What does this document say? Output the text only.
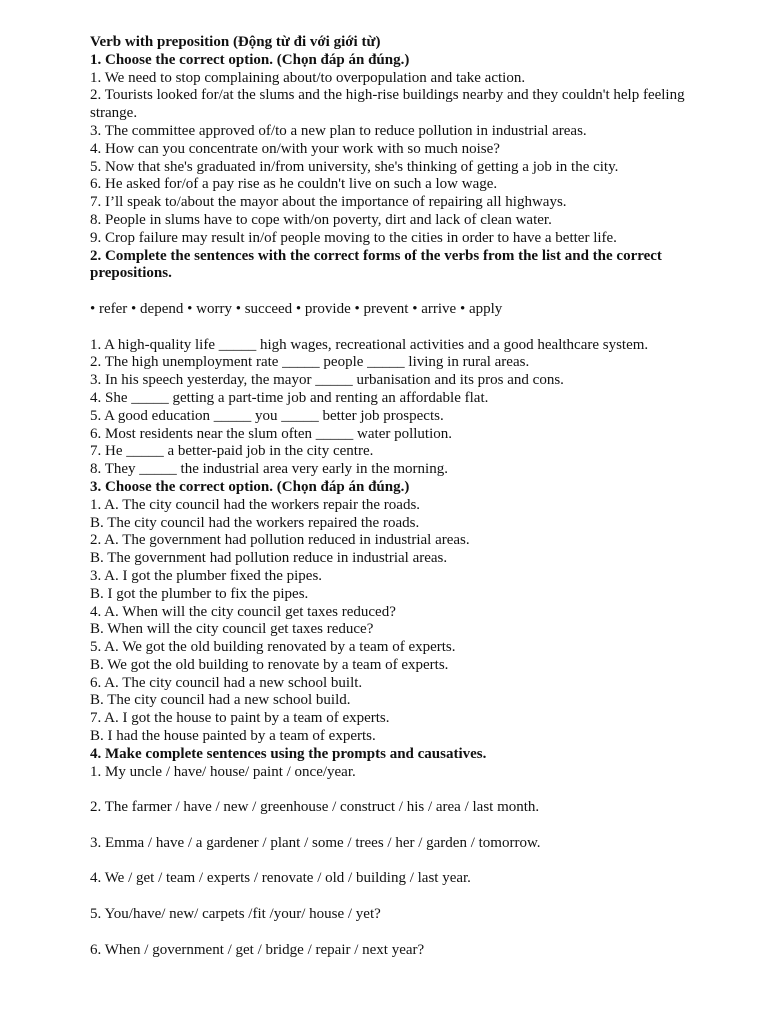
Verb with preposition (Động từ đi với giới từ)

1. Choose the correct option. (Chọn đáp án đúng.)

1. We need to stop complaining about/to overpopulation and take action.

2. Tourists looked for/at the slums and the high-rise buildings nearby and they couldn't help feeling strange.

3. The committee approved of/to a new plan to reduce pollution in industrial areas.

4. How can you concentrate on/with your work with so much noise?

5. Now that she's graduated in/from university, she's thinking of getting a job in the city.

6. He asked for/of a pay rise as he couldn't live on such a low wage.

7. I’ll speak to/about the mayor about the importance of repairing all highways.

8. People in slums have to cope with/on poverty, dirt and lack of clean water.

9. Crop failure may result in/of people moving to the cities in order to have a better life.

2. Complete the sentences with the correct forms of the verbs from the list and the correct prepositions.

• refer • depend • worry • succeed • provide • prevent • arrive • apply

1. A high-quality life _____ high wages, recreational activities and a good healthcare system.

2. The high unemployment rate _____ people _____ living in rural areas.

3. In his speech yesterday, the mayor _____ urbanisation and its pros and cons.

4. She _____ getting a part-time job and renting an affordable flat.

5. A good education _____ you _____ better job prospects.

6. Most residents near the slum often _____ water pollution.

7. He _____ a better-paid job in the city centre.

8. They _____ the industrial area very early in the morning.

3. Choose the correct option. (Chọn đáp án đúng.)

1. A. The city council had the workers repair the roads.

B. The city council had the workers repaired the roads.

2. A. The government had pollution reduced in industrial areas.

B. The government had pollution reduce in industrial areas.

3. A. I got the plumber fixed the pipes.

B. I got the plumber to fix the pipes.

4. A. When will the city council get taxes reduced?

B. When will the city council get taxes reduce?

5. A. We got the old building renovated by a team of experts.

B. We got the old building to renovate by a team of experts.

6. A. The city council had a new school built.

B. The city council had a new school build.

7. A. I got the house to paint by a team of experts.

B. I had the house painted by a team of experts.

4. Make complete sentences using the prompts and causatives.

1. My uncle / have/ house/ paint / once/year.

2. The farmer / have / new / greenhouse / construct / his / area / last month.

3. Emma / have / a gardener / plant / some / trees / her / garden / tomorrow.

4. We / get / team / experts / renovate / old / building / last year.

5. You/have/ new/ carpets /fit /your/ house / yet?

6. When / government / get / bridge / repair / next year?
